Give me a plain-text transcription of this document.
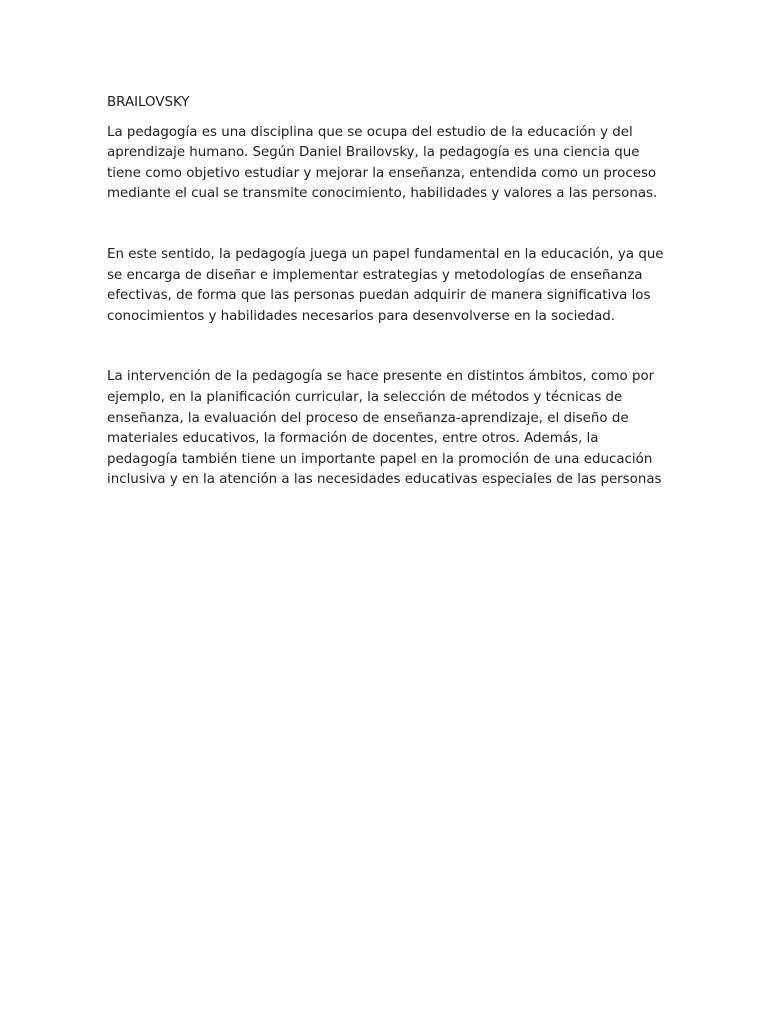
BRAILOVSKY

La pedagogía es una disciplina que se ocupa del estudio de la educación y del aprendizaje humano. Según Daniel Brailovsky, la pedagogía es una ciencia que tiene como objetivo estudiar y mejorar la enseñanza, entendida como un proceso mediante el cual se transmite conocimiento, habilidades y valores a las personas.

En este sentido, la pedagogía juega un papel fundamental en la educación, ya que se encarga de diseñar e implementar estrategias y metodologías de enseñanza efectivas, de forma que las personas puedan adquirir de manera significativa los conocimientos y habilidades necesarios para desenvolverse en la sociedad.

La intervención de la pedagogía se hace presente en distintos ámbitos, como por ejemplo, en la planificación curricular, la selección de métodos y técnicas de enseñanza, la evaluación del proceso de enseñanza-aprendizaje, el diseño de materiales educativos, la formación de docentes, entre otros. Además, la pedagogía también tiene un importante papel en la promoción de una educación inclusiva y en la atención a las necesidades educativas especiales de las personas
